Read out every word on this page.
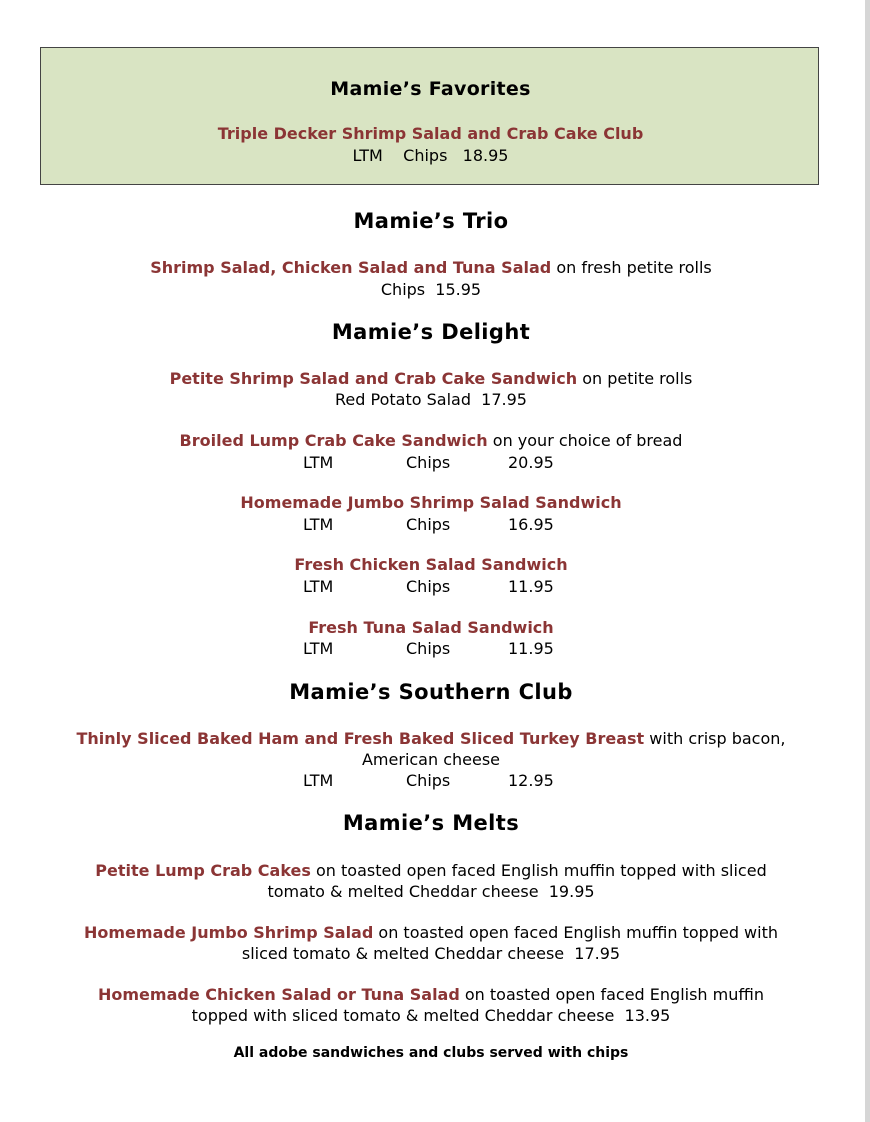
Mamie’s Favorites
Triple Decker Shrimp Salad and Crab Cake Club
LTM    Chips   18.95
Mamie’s Trio
Shrimp Salad, Chicken Salad and Tuna Salad on fresh petite rolls
Chips  15.95
Mamie’s Delight
Petite Shrimp Salad and Crab Cake Sandwich on petite rolls
Red Potato Salad  17.95
Broiled Lump Crab Cake Sandwich on your choice of bread
LTM	Chips	20.95
Homemade Jumbo Shrimp Salad Sandwich
LTM	Chips	16.95
Fresh Chicken Salad Sandwich
LTM	Chips	11.95
Fresh Tuna Salad Sandwich
LTM	Chips	11.95
Mamie’s Southern Club
Thinly Sliced Baked Ham and Fresh Baked Sliced Turkey Breast with crisp bacon,
American cheese
LTM	Chips	12.95
Mamie’s Melts
Petite Lump Crab Cakes on toasted open faced English muffin topped with sliced
tomato & melted Cheddar cheese  19.95
Homemade Jumbo Shrimp Salad on toasted open faced English muffin topped with
sliced tomato & melted Cheddar cheese  17.95
Homemade Chicken Salad or Tuna Salad on toasted open faced English muffin
topped with sliced tomato & melted Cheddar cheese  13.95
All adobe sandwiches and clubs served with chips
